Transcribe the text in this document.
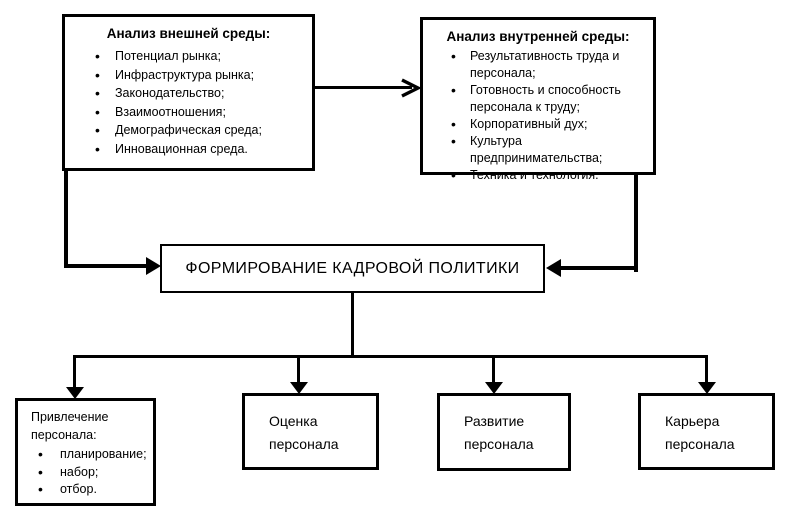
Анализ внешней среды:
• Потенциал рынка;
• Инфраструктура рынка;
• Законодательство;
• Взаимоотношения;
• Демографическая среда;
• Инновационная среда.
Анализ внутренней среды:
• Результативность труда и персонала;
• Готовность и способность персонала к труду;
• Корпоративный дух;
• Культура предпринимательства;
• Техника и технология.
ФОРМИРОВАНИЕ КАДРОВОЙ ПОЛИТИКИ
Привлечение персонала:
• планирование;
• набор;
• отбор.
Оценка персонала
Развитие персонала
Карьера персонала
